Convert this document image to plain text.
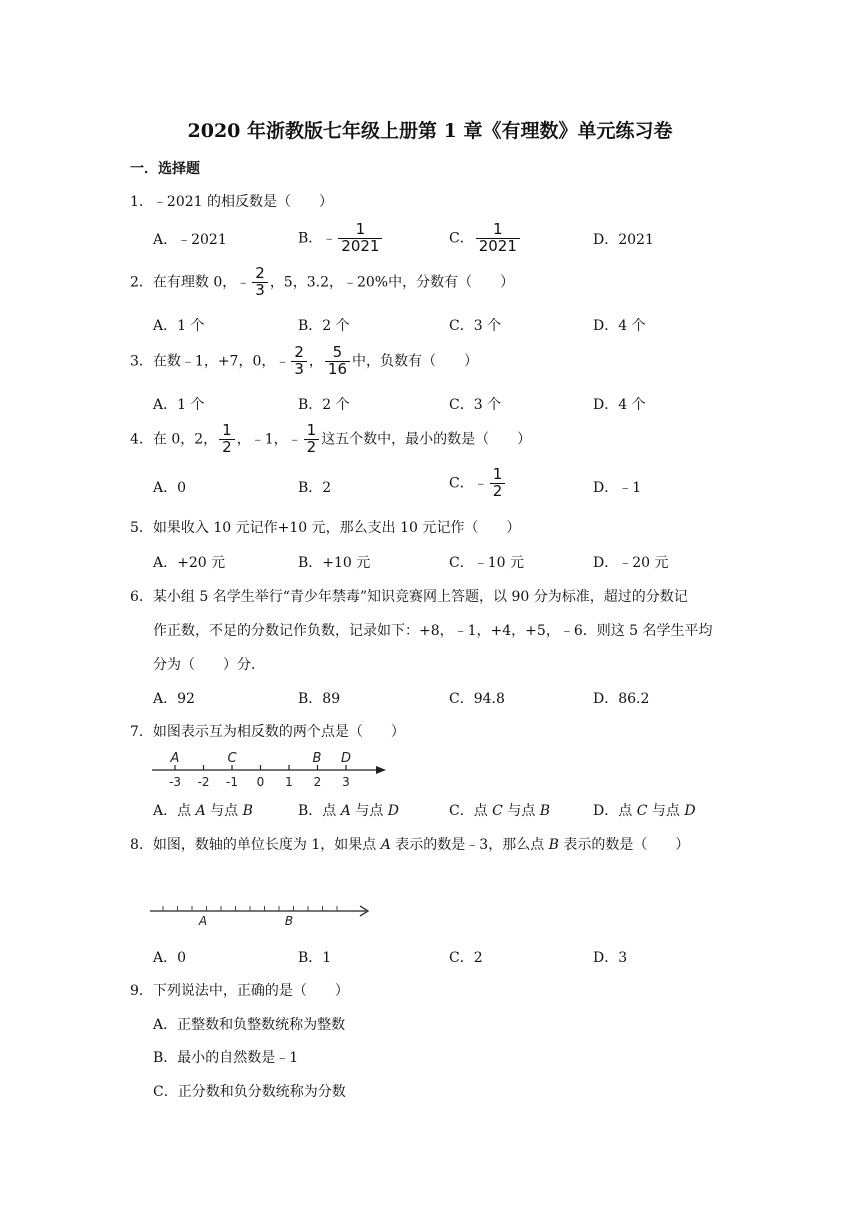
2020 年浙教版七年级上册第 1 章《有理数》单元练习卷
一．选择题
1．﹣2021 的相反数是（　　）
A．﹣2021	B．﹣ $\frac{1}{2021}$	C． $\frac{1}{2021}$	D．2021
2．在有理数 0，﹣ $\frac{2}{3}$ ，5，3.2，﹣20%中，分数有（　　）
A．1 个	B．2 个	C．3 个	D．4 个
3．在数﹣1，+7，0，﹣ $\frac{2}{3}$ ， $\frac{5}{16}$ 中，负数有（　　）
A．1 个	B．2 个	C．3 个	D．4 个
4．在 0，2， $\frac{1}{2}$ ，﹣1，﹣ $\frac{1}{2}$ 这五个数中，最小的数是（　　）
A．0	B．2	C．﹣ $\frac{1}{2}$	D．﹣1
5．如果收入 10 元记作+10 元，那么支出 10 元记作（　　）
A．+20 元	B．+10 元	C．﹣10 元	D．﹣20 元
6．某小组 5 名学生举行“青少年禁毒”知识竞赛网上答题，以 90 分为标准，超过的分数记
作正数，不足的分数记作负数，记录如下：+8，﹣1，+4，+5，﹣6．则这 5 名学生平均
分为（　　）分．
A．92	B．89	C．94.8	D．86.2
7．如图表示互为相反数的两个点是（　　）
-3 -2 -1 0 1 2 3
A	C	B D
A．点 A 与点 B	B．点 A 与点 D	C．点 C 与点 B	D．点 C 与点 D
8．如图，数轴的单位长度为 1，如果点 A 表示的数是﹣3，那么点 B 表示的数是（　　）
A	B
A．0	B．1	C．2	D．3
9．下列说法中，正确的是（　　）
A．正整数和负整数统称为整数
B．最小的自然数是﹣1
C．正分数和负分数统称为分数
